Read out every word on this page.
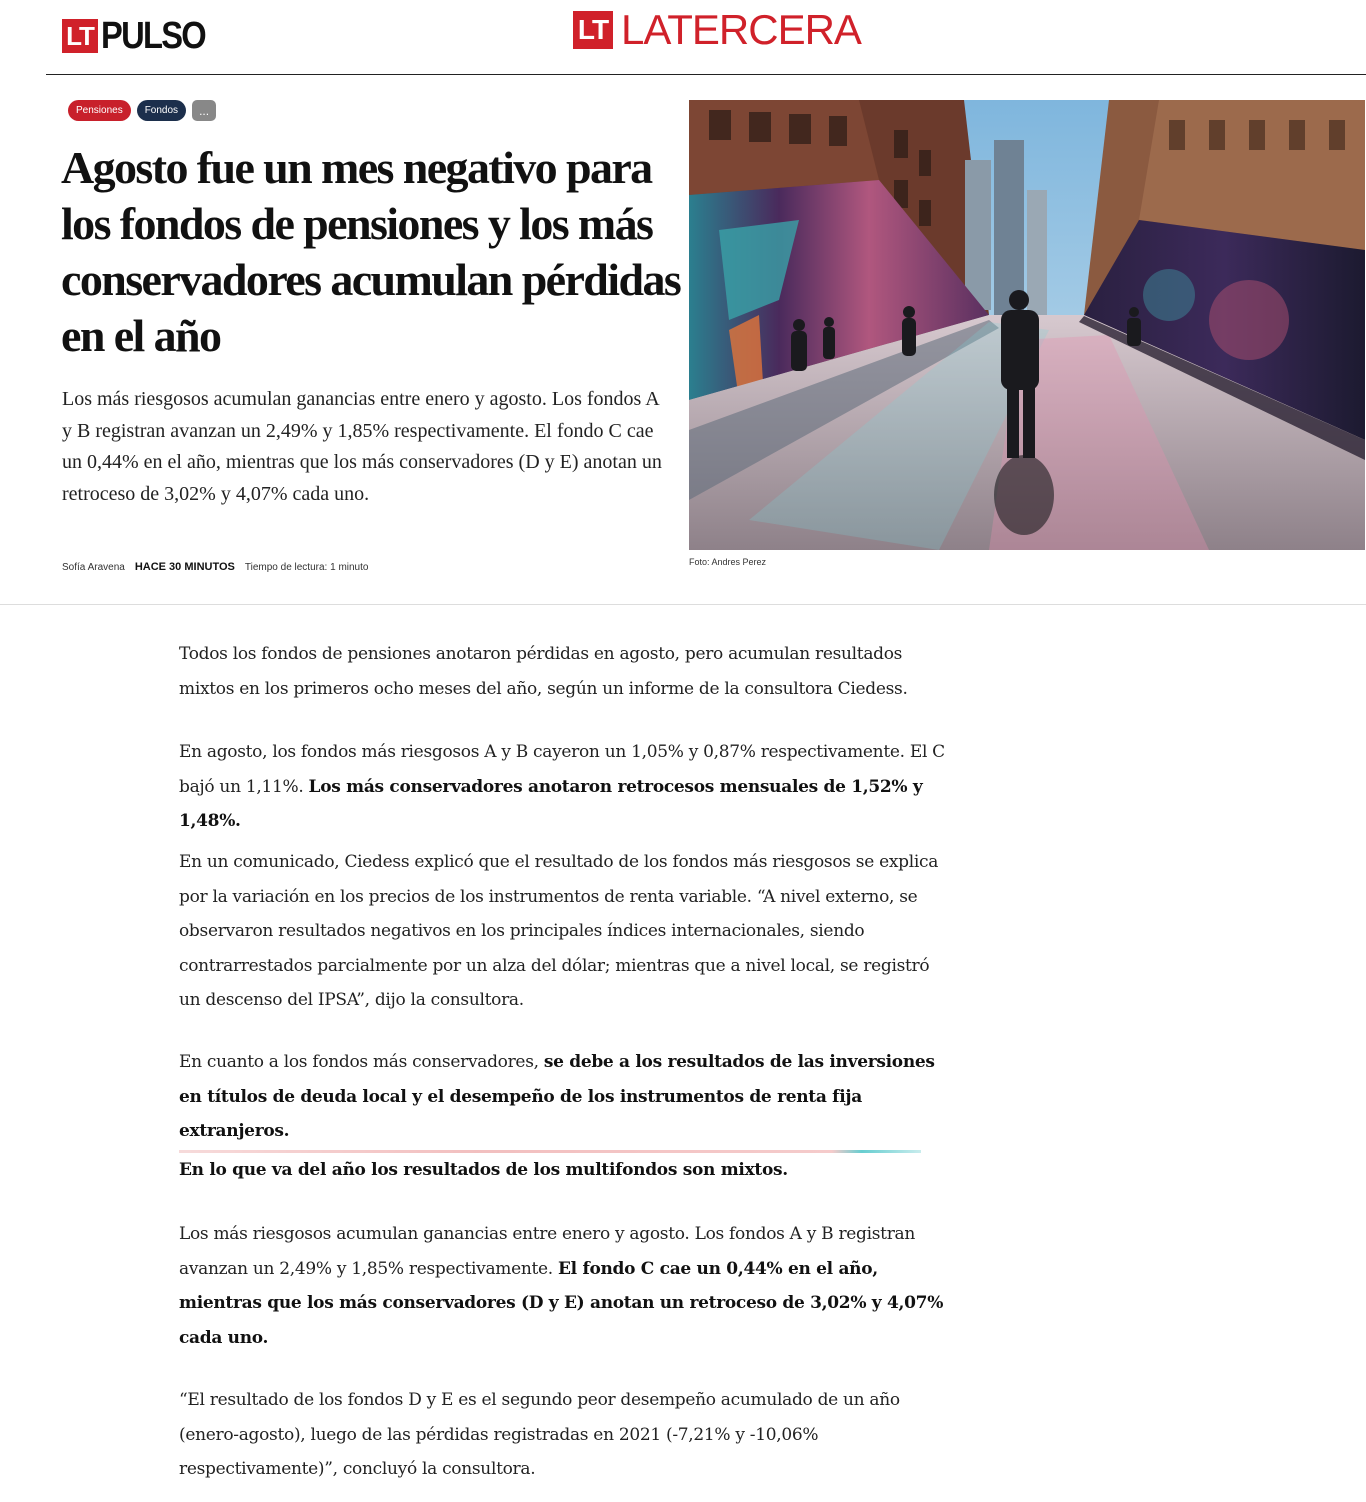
LT PULSO	LT LATERCERA
Pensiones	Fondos	...
Agosto fue un mes negativo para los fondos de pensiones y los más conservadores acumulan pérdidas en el año

Los más riesgosos acumulan ganancias entre enero y agosto. Los fondos A y B registran avanzan un 2,49% y 1,85% respectivamente. El fondo C cae un 0,44% en el año, mientras que los más conservadores (D y E) anotan un retroceso de 3,02% y 4,07% cada uno.

Sofía Aravena HACE 30 MINUTOS Tiempo de lectura: 1 minuto	Foto: Andres Perez

Todos los fondos de pensiones anotaron pérdidas en agosto, pero acumulan resultados mixtos en los primeros ocho meses del año, según un informe de la consultora Ciedess.

En agosto, los fondos más riesgosos A y B cayeron un 1,05% y 0,87% respectivamente. El C bajó un 1,11%. Los más conservadores anotaron retrocesos mensuales de 1,52% y 1,48%.

En un comunicado, Ciedess explicó que el resultado de los fondos más riesgosos se explica por la variación en los precios de los instrumentos de renta variable. “A nivel externo, se observaron resultados negativos en los principales índices internacionales, siendo contrarrestados parcialmente por un alza del dólar; mientras que a nivel local, se registró un descenso del IPSA”, dijo la consultora.

En cuanto a los fondos más conservadores, se debe a los resultados de las inversiones en títulos de deuda local y el desempeño de los instrumentos de renta fija extranjeros.

En lo que va del año los resultados de los multifondos son mixtos.

Los más riesgosos acumulan ganancias entre enero y agosto. Los fondos A y B registran avanzan un 2,49% y 1,85% respectivamente. El fondo C cae un 0,44% en el año, mientras que los más conservadores (D y E) anotan un retroceso de 3,02% y 4,07% cada uno.

“El resultado de los fondos D y E es el segundo peor desempeño acumulado de un año (enero-agosto), luego de las pérdidas registradas en 2021 (-7,21% y -10,06% respectivamente)”, concluyó la consultora.
